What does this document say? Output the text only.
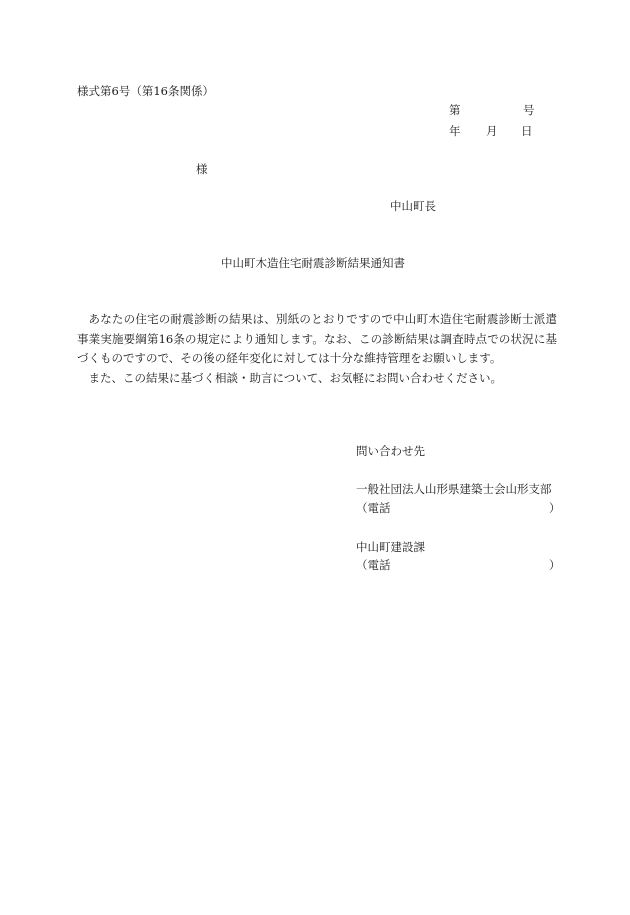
様式第6号（第16条関係）
第	号
年 月 日
様
中山町長
中山町木造住宅耐震診断結果通知書

あなたの住宅の耐震診断の結果は、別紙のとおりですので中山町木造住宅耐震診断士派遣事業実施要綱第16条の規定により通知します。なお、この診断結果は調査時点での状況に基づくものですので、その後の経年変化に対しては十分な維持管理をお願いします。

また、この結果に基づく相談・助言について、お気軽にお問い合わせください。

問い合わせ先
一般社団法人山形県建築士会山形支部
（電話	）
中山町建設課
（電話	）
